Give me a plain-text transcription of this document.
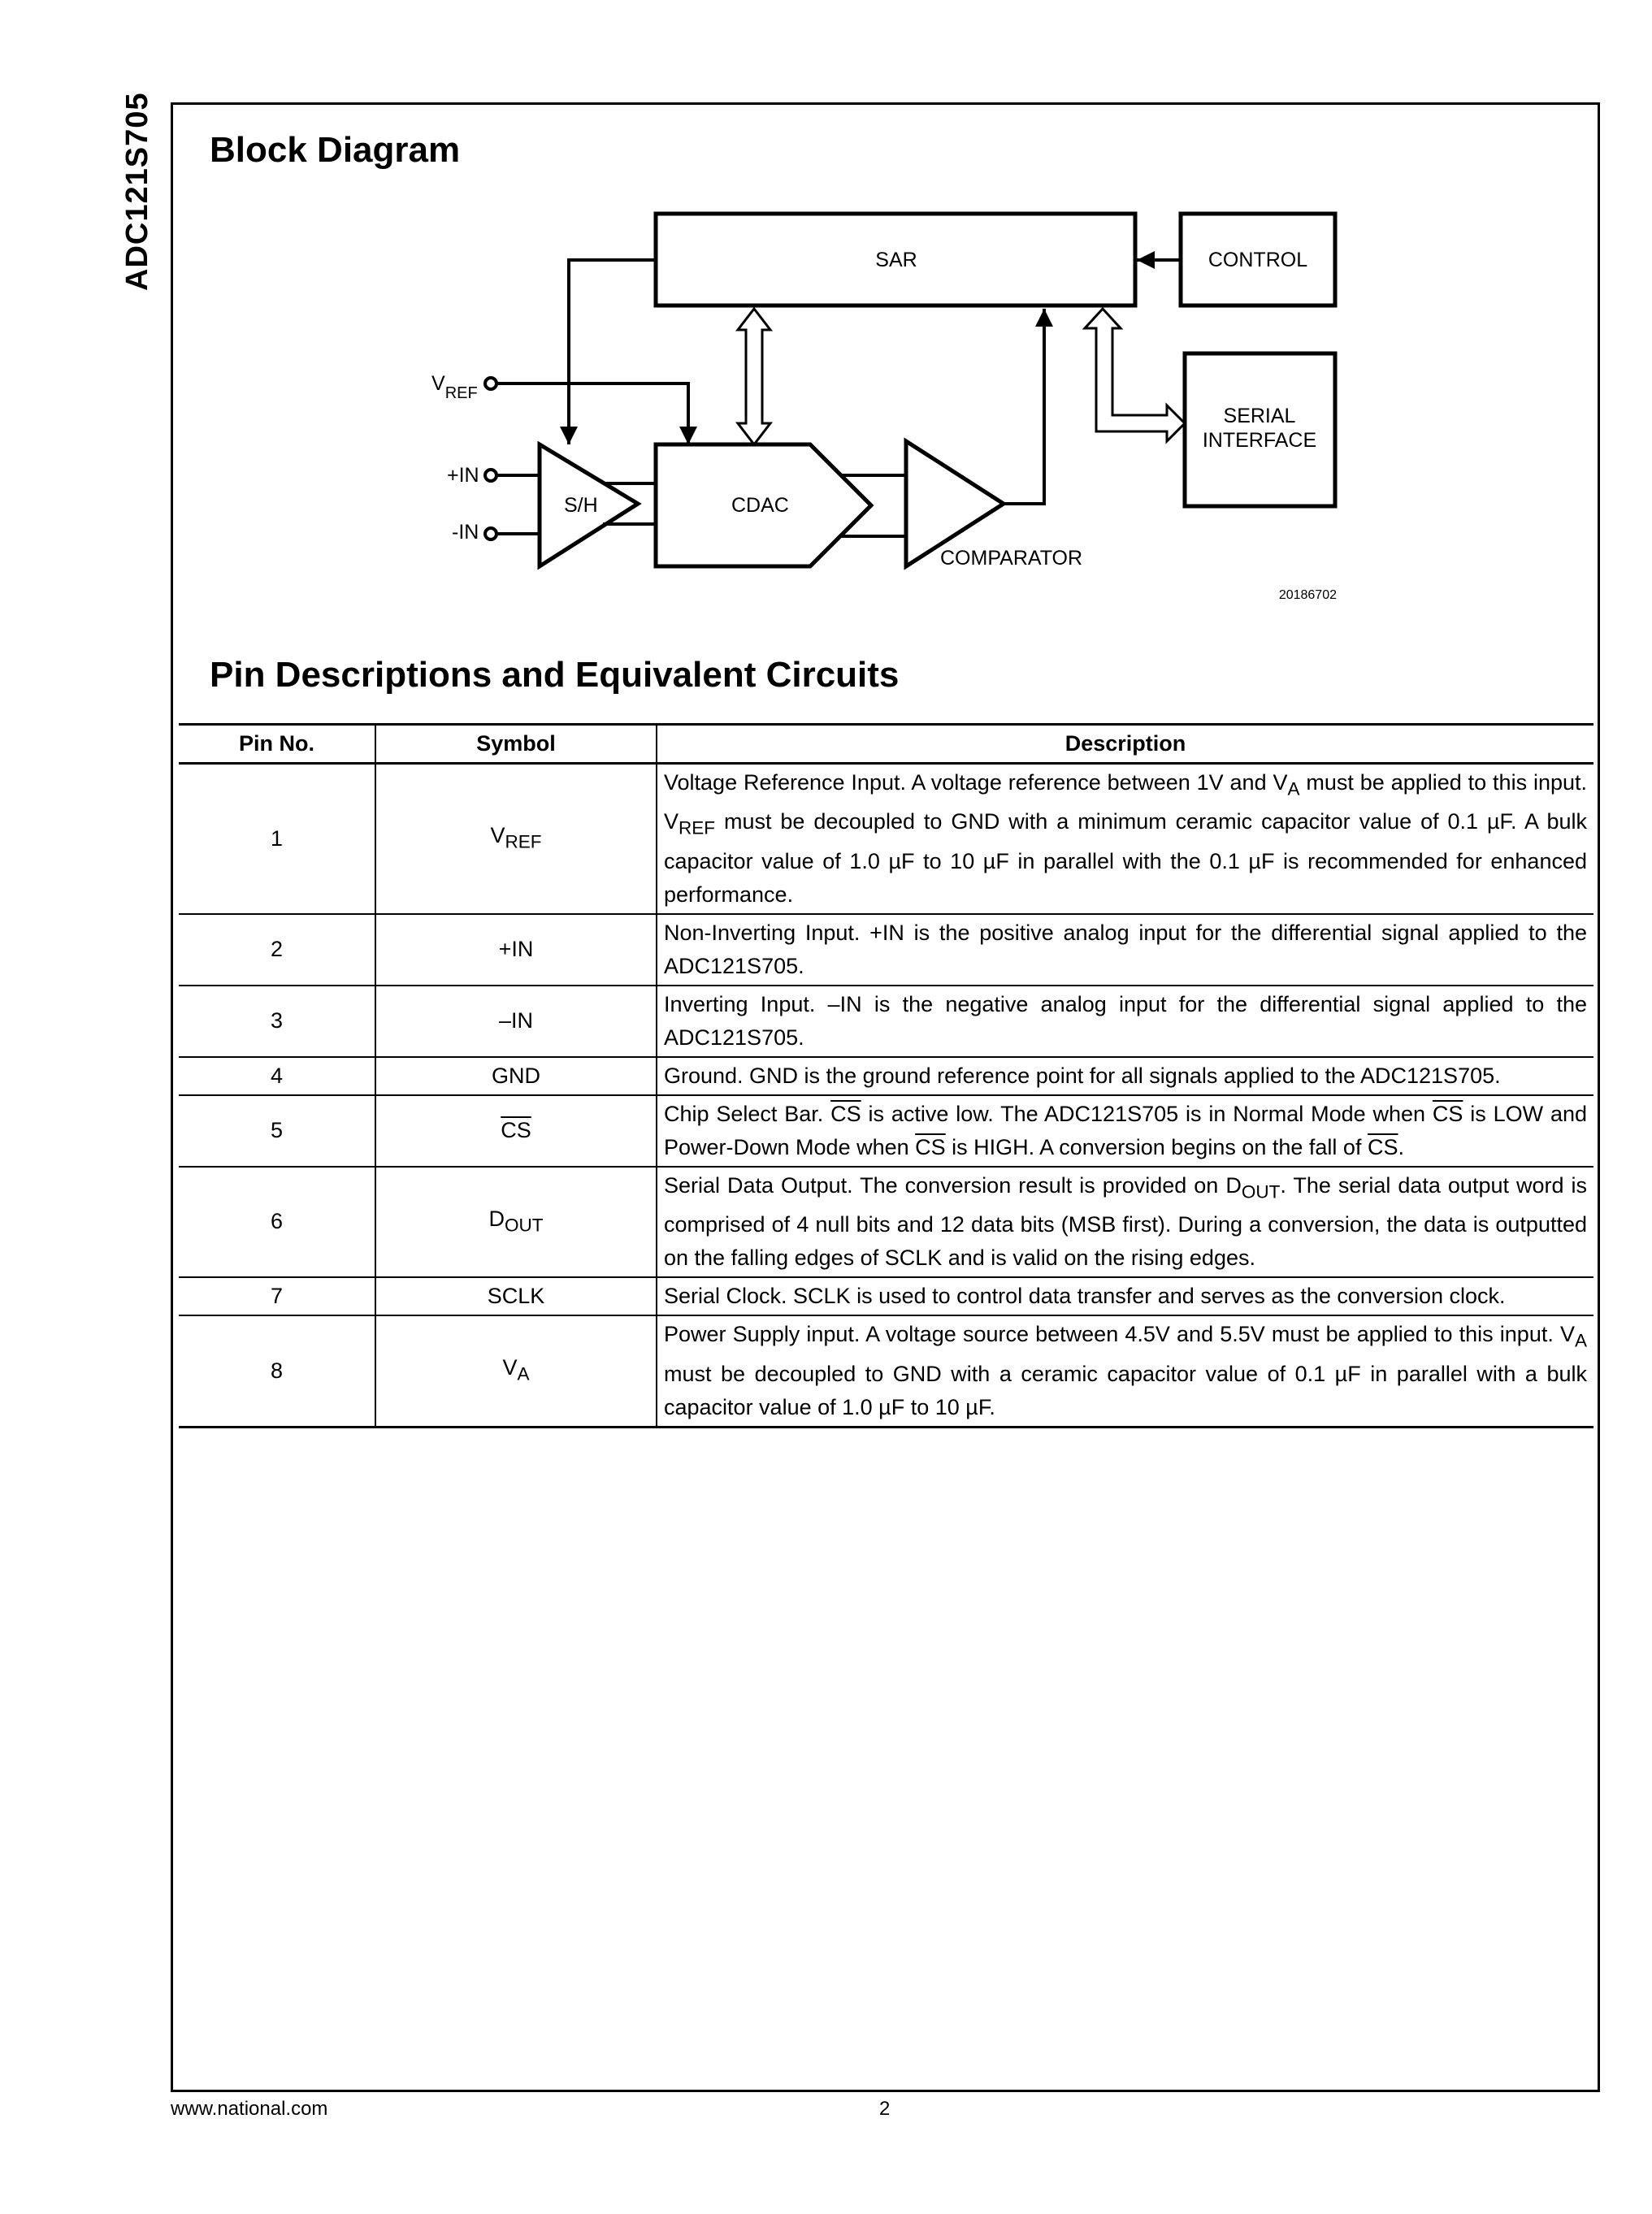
ADC121S705 Block Diagram
SAR	CONTROL
SERIAL
INTERFACE
S/H	CDAC
COMPARATOR
$V_{REF}$
+IN
-IN
20186702
Pin Descriptions and Equivalent Circuits
Pin No.	Symbol	Description
1	$V_{REF}$	Voltage Reference Input. A voltage reference between 1V and $V_A$ must be applied to this input. $V_{REF}$ must be decoupled to GND with a minimum ceramic capacitor value of 0.1 µF. A bulk capacitor value of 1.0 µF to 10 µF in parallel with the 0.1 µF is recommended for enhanced performance.
2	+IN	Non-Inverting Input. +IN is the positive analog input for the differential signal applied to the ADC121S705.
3	–IN	Inverting Input. –IN is the negative analog input for the differential signal applied to the ADC121S705.
4	GND	Ground. GND is the ground reference point for all signals applied to the ADC121S705.
5	$\overline{CS}$	Chip Select Bar. $\overline{CS}$ is active low. The ADC121S705 is in Normal Mode when $\overline{CS}$ is LOW and Power-Down Mode when $\overline{CS}$ is HIGH. A conversion begins on the fall of $\overline{CS}$.
6	$D_{OUT}$	Serial Data Output. The conversion result is provided on $D_{OUT}$. The serial data output word is comprised of 4 null bits and 12 data bits (MSB first). During a conversion, the data is outputted on the falling edges of SCLK and is valid on the rising edges.
7	SCLK	Serial Clock. SCLK is used to control data transfer and serves as the conversion clock.
8	$V_A$	Power Supply input. A voltage source between 4.5V and 5.5V must be applied to this input. $V_A$ must be decoupled to GND with a ceramic capacitor value of 0.1 µF in parallel with a bulk capacitor value of 1.0 µF to 10 µF.
www.national.com	2
